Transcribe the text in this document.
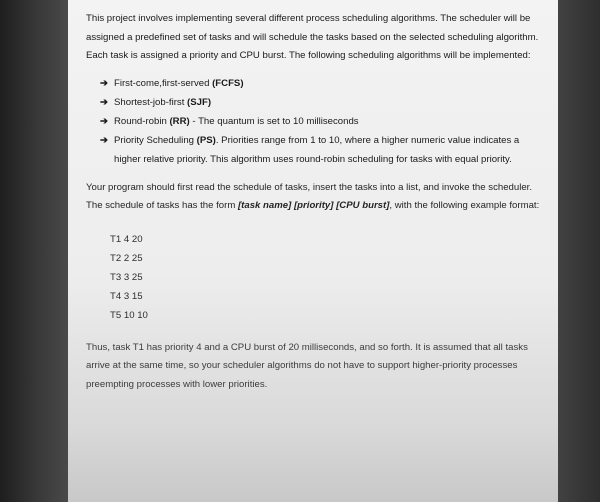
This project involves implementing several different process scheduling algorithms. The scheduler will be assigned a predefined set of tasks and will schedule the tasks based on the selected scheduling algorithm. Each task is assigned a priority and CPU burst. The following scheduling algorithms will be implemented:

➔ First-come,first-served (FCFS)
➔ Shortest-job-first (SJF)
➔ Round-robin (RR) - The quantum is set to 10 milliseconds
➔ Priority Scheduling (PS). Priorities range from 1 to 10, where a higher numeric value indicates a higher relative priority. This algorithm uses round-robin scheduling for tasks with equal priority.

Your program should first read the schedule of tasks, insert the tasks into a list, and invoke the scheduler. The schedule of tasks has the form [task name] [priority] [CPU burst], with the following example format:

T1 4 20
T2 2 25
T3 3 25
T4 3 15
T5 10 10

Thus, task T1 has priority 4 and a CPU burst of 20 milliseconds, and so forth. It is assumed that all tasks arrive at the same time, so your scheduler algorithms do not have to support higher-priority processes preempting processes with lower priorities.
